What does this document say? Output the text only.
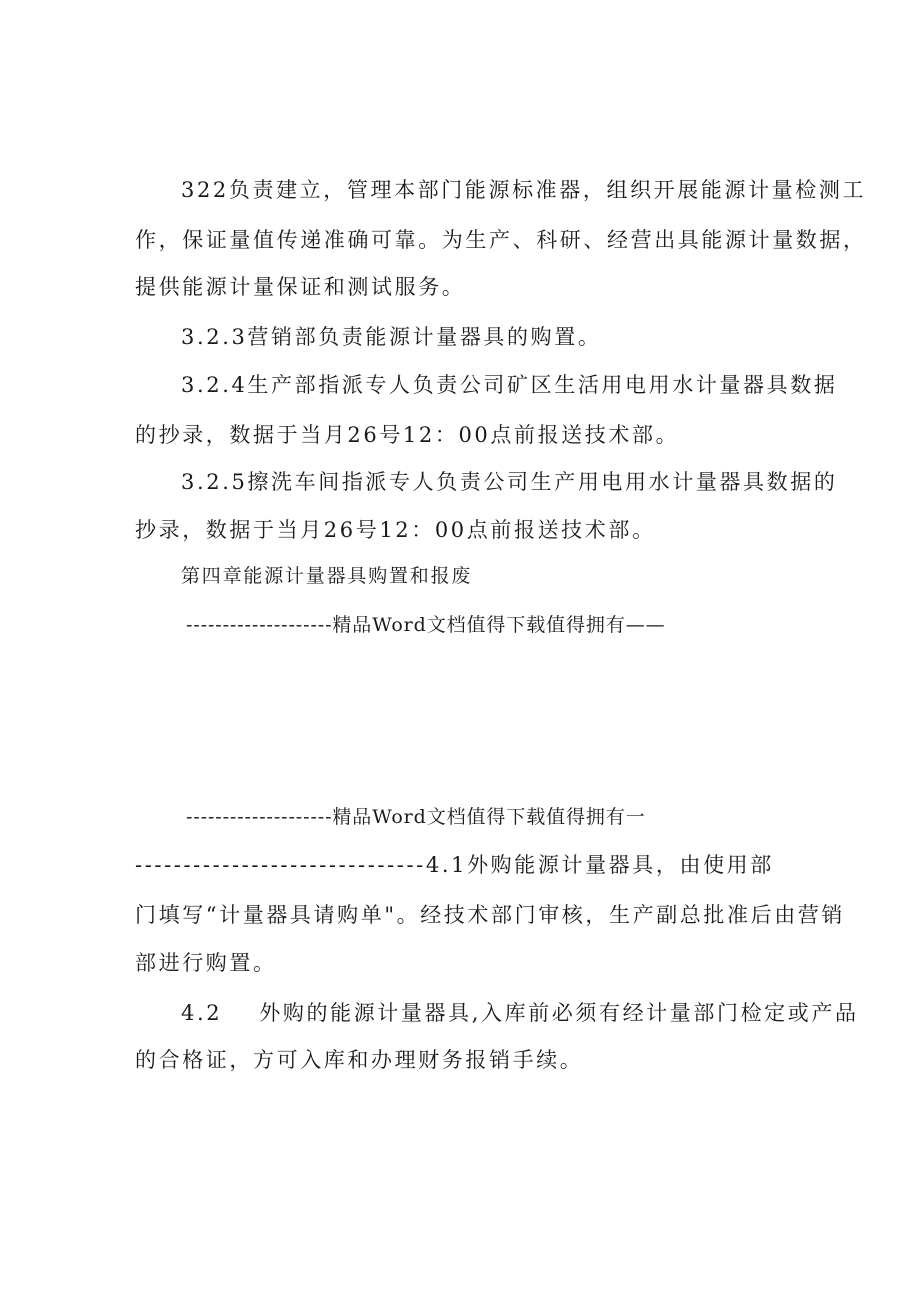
322负责建立，管理本部门能源标准器，组织开展能源计量检测工
作，保证量值传递准确可靠。为生产、科研、经营出具能源计量数据，
提供能源计量保证和测试服务。
3.2.3营销部负责能源计量器具的购置。
3.2.4生产部指派专人负责公司矿区生活用电用水计量器具数据
的抄录，数据于当月26号12：00点前报送技术部。
3.2.5擦洗车间指派专人负责公司生产用电用水计量器具数据的
抄录，数据于当月26号12：00点前报送技术部。
第四章能源计量器具购置和报废
--------------------精品Word文档值得下载值得拥有——
--------------------精品Word文档值得下载值得拥有一
------------------------------4.1外购能源计量器具，由使用部
门填写“计量器具请购单"。经技术部门审核，生产副总批准后由营销
部进行购置。
4.2    外购的能源计量器具,入库前必须有经计量部门检定或产品
的合格证，方可入库和办理财务报销手续。
